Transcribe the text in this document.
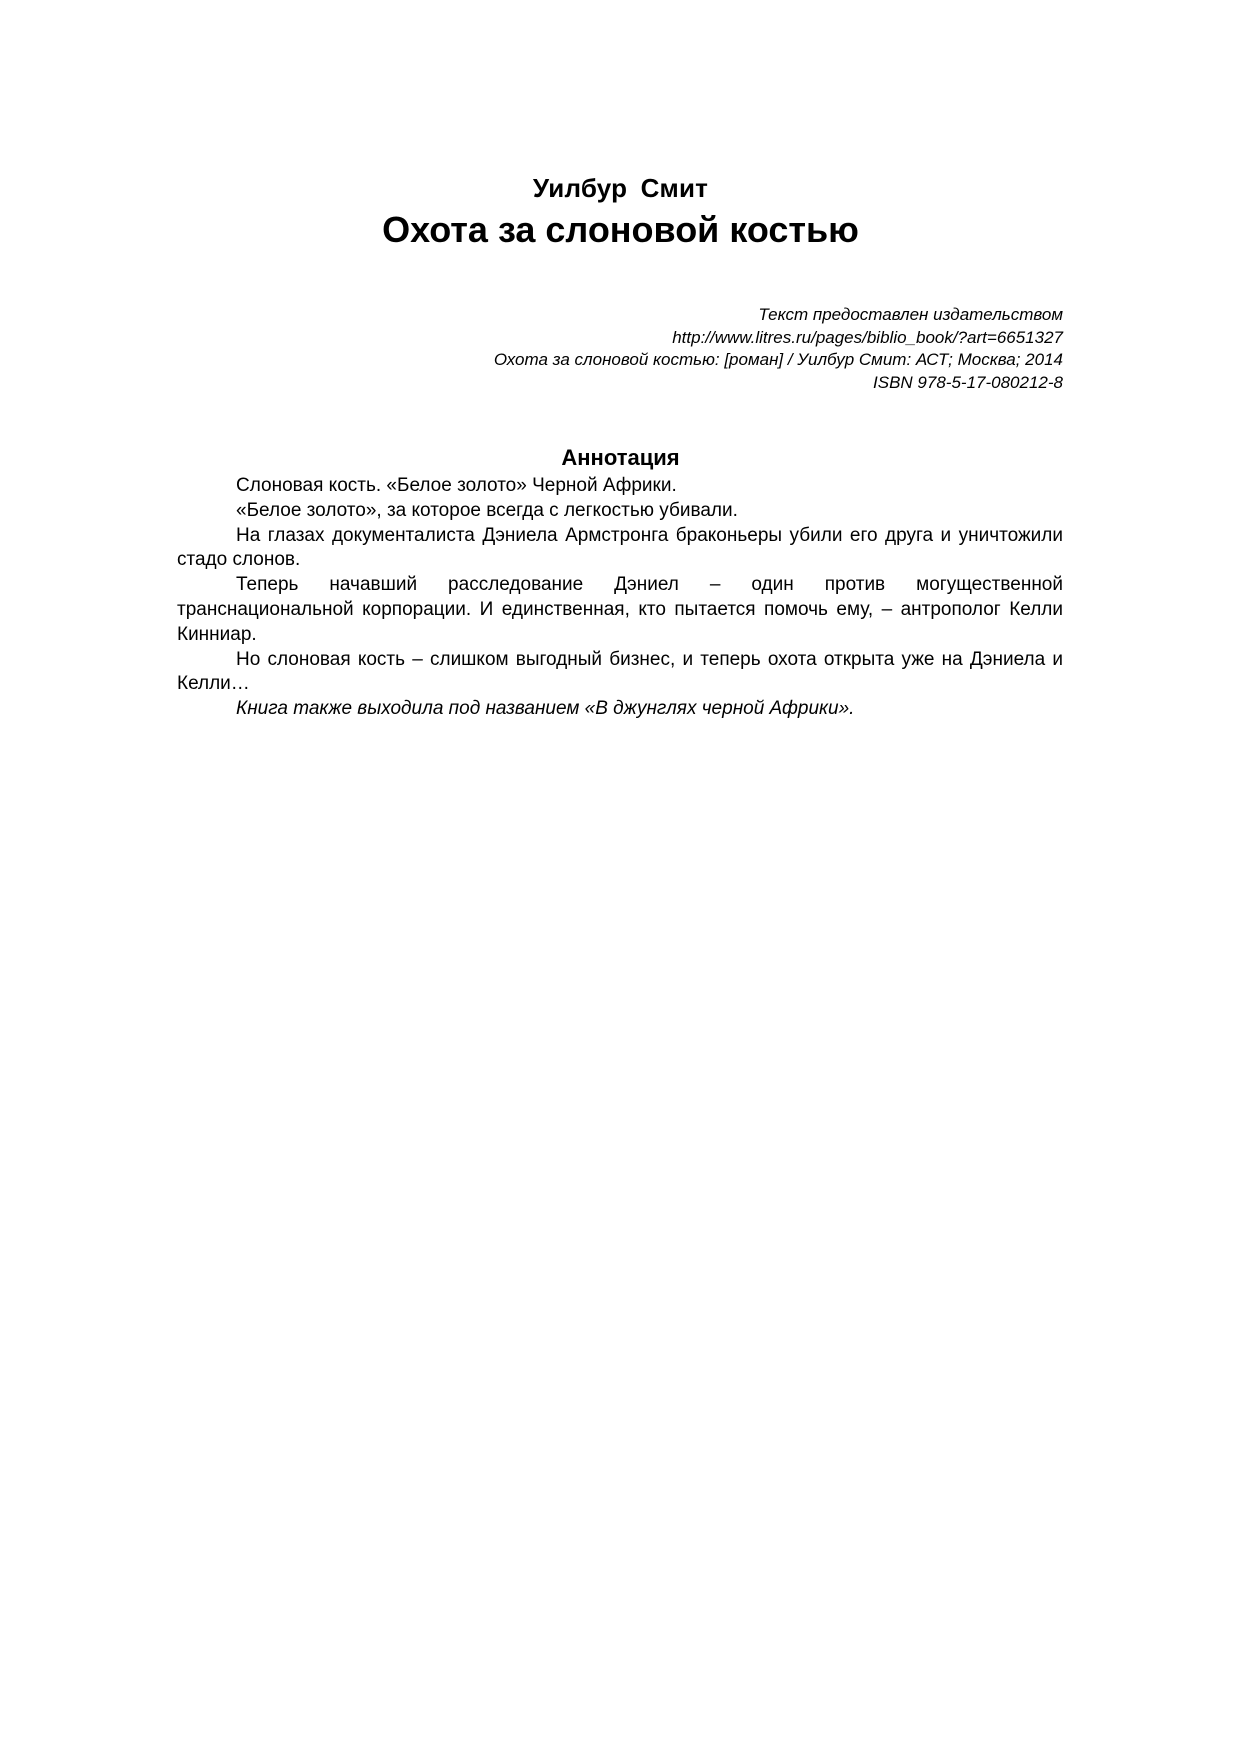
Уилбур Смит
Охота за слоновой костью
Текст предоставлен издательством
http://www.litres.ru/pages/biblio_book/?art=6651327
Охота за слоновой костью: [роман] / Уилбур Смит: АСТ; Москва; 2014
ISBN 978-5-17-080212-8
Аннотация

Слоновая кость. «Белое золото» Черной Африки.

«Белое золото», за которое всегда с легкостью убивали.

На глазах документалиста Дэниела Армстронга браконьеры убили его друга и уничтожили стадо слонов.

Теперь начавший расследование Дэниел – один против могущественной транснациональной корпорации. И единственная, кто пытается помочь ему, – антрополог Келли Кинниар.

Но слоновая кость – слишком выгодный бизнес, и теперь охота открыта уже на Дэниела и Келли…

Книга также выходила под названием «В джунглях черной Африки».
